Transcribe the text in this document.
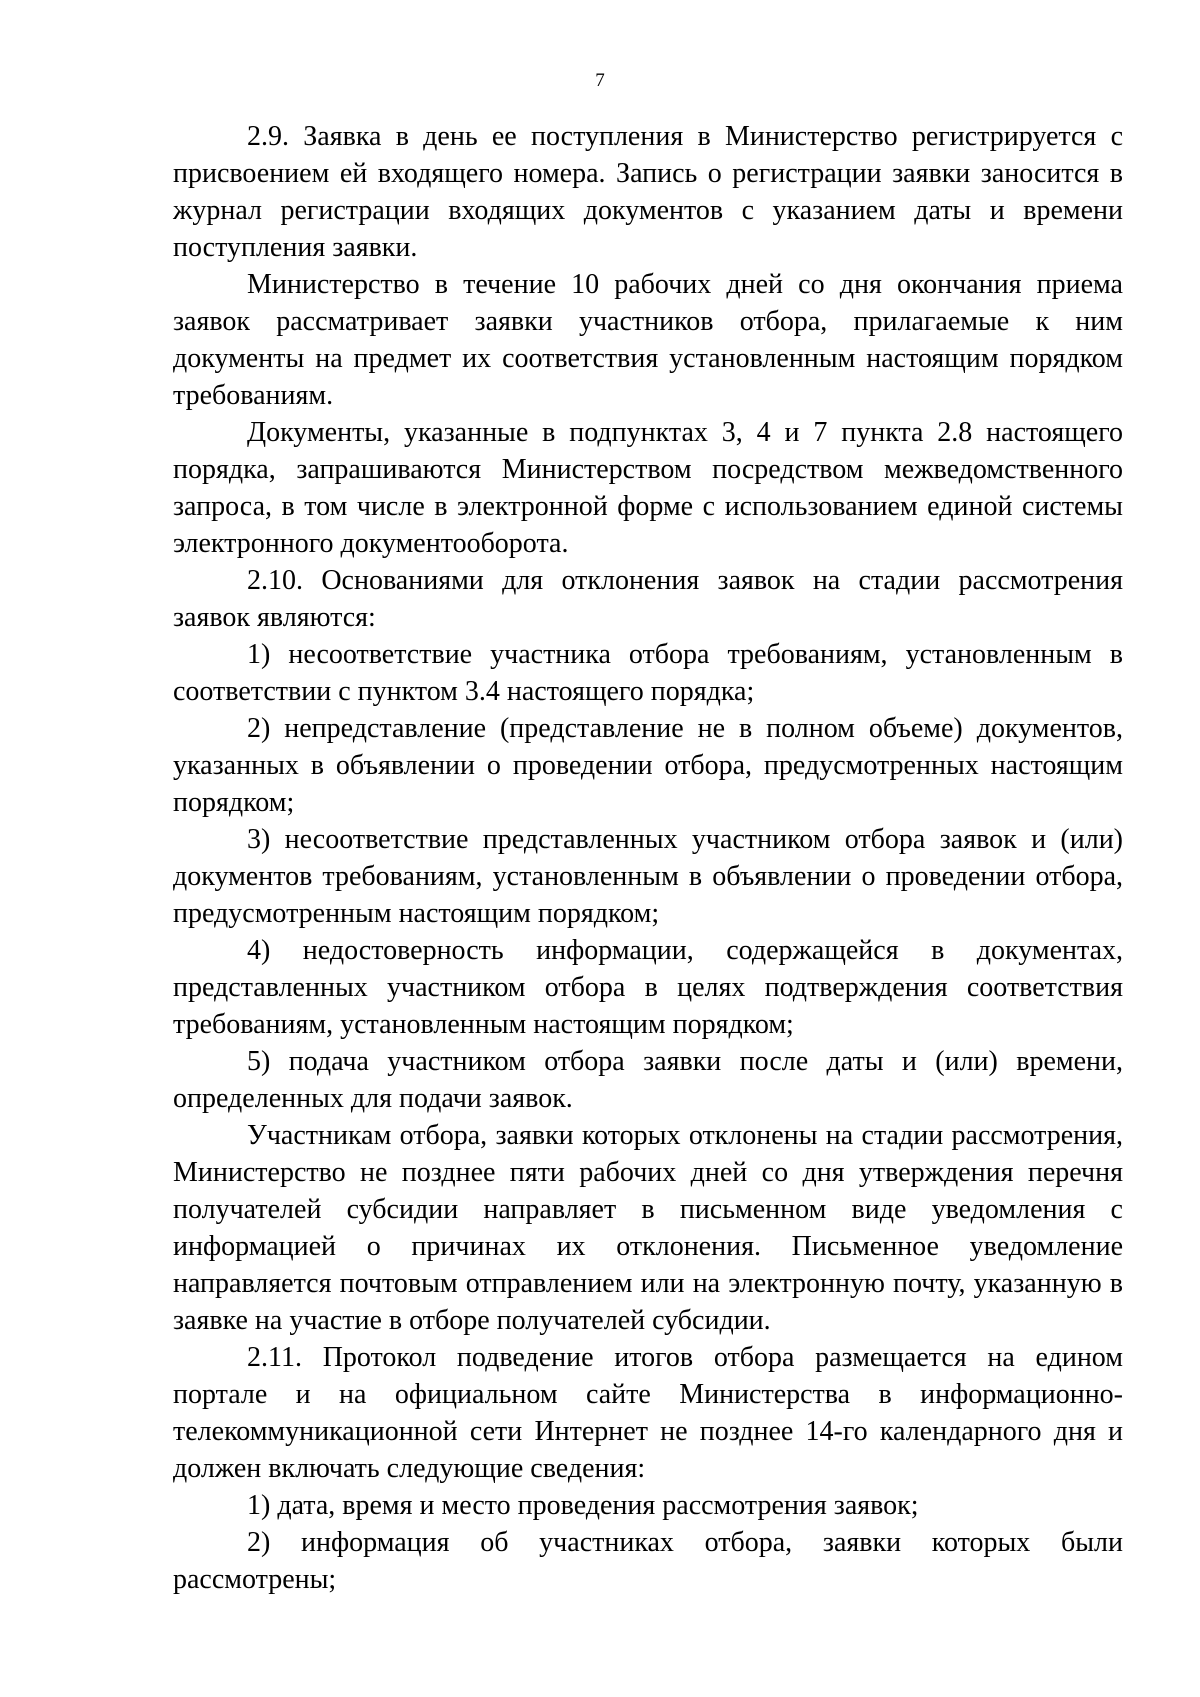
7

2.9. Заявка в день ее поступления в Министерство регистрируется с присвоением ей входящего номера. Запись о регистрации заявки заносится в журнал регистрации входящих документов с указанием даты и времени поступления заявки.

Министерство в течение 10 рабочих дней со дня окончания приема заявок рассматривает заявки участников отбора, прилагаемые к ним документы на предмет их соответствия установленным настоящим порядком требованиям.

Документы, указанные в подпунктах 3, 4 и 7 пункта 2.8 настоящего порядка, запрашиваются Министерством посредством межведомственного запроса, в том числе в электронной форме с использованием единой системы электронного документооборота.

2.10. Основаниями для отклонения заявок на стадии рассмотрения заявок являются:

1) несоответствие участника отбора требованиям, установленным в соответствии с пунктом 3.4 настоящего порядка;

2) непредставление (представление не в полном объеме) документов, указанных в объявлении о проведении отбора, предусмотренных настоящим порядком;

3) несоответствие представленных участником отбора заявок и (или) документов требованиям, установленным в объявлении о проведении отбора, предусмотренным настоящим порядком;

4) недостоверность информации, содержащейся в документах, представленных участником отбора в целях подтверждения соответствия требованиям, установленным настоящим порядком;

5) подача участником отбора заявки после даты и (или) времени, определенных для подачи заявок.

Участникам отбора, заявки которых отклонены на стадии рассмотрения, Министерство не позднее пяти рабочих дней со дня утверждения перечня получателей субсидии направляет в письменном виде уведомления с информацией о причинах их отклонения. Письменное уведомление направляется почтовым отправлением или на электронную почту, указанную в заявке на участие в отборе получателей субсидии.

2.11. Протокол подведение итогов отбора размещается на едином портале и на официальном сайте Министерства в информационно-телекоммуникационной сети Интернет не позднее 14-го календарного дня и должен включать следующие сведения:

1) дата, время и место проведения рассмотрения заявок;

2) информация об участниках отбора, заявки которых были рассмотрены;
